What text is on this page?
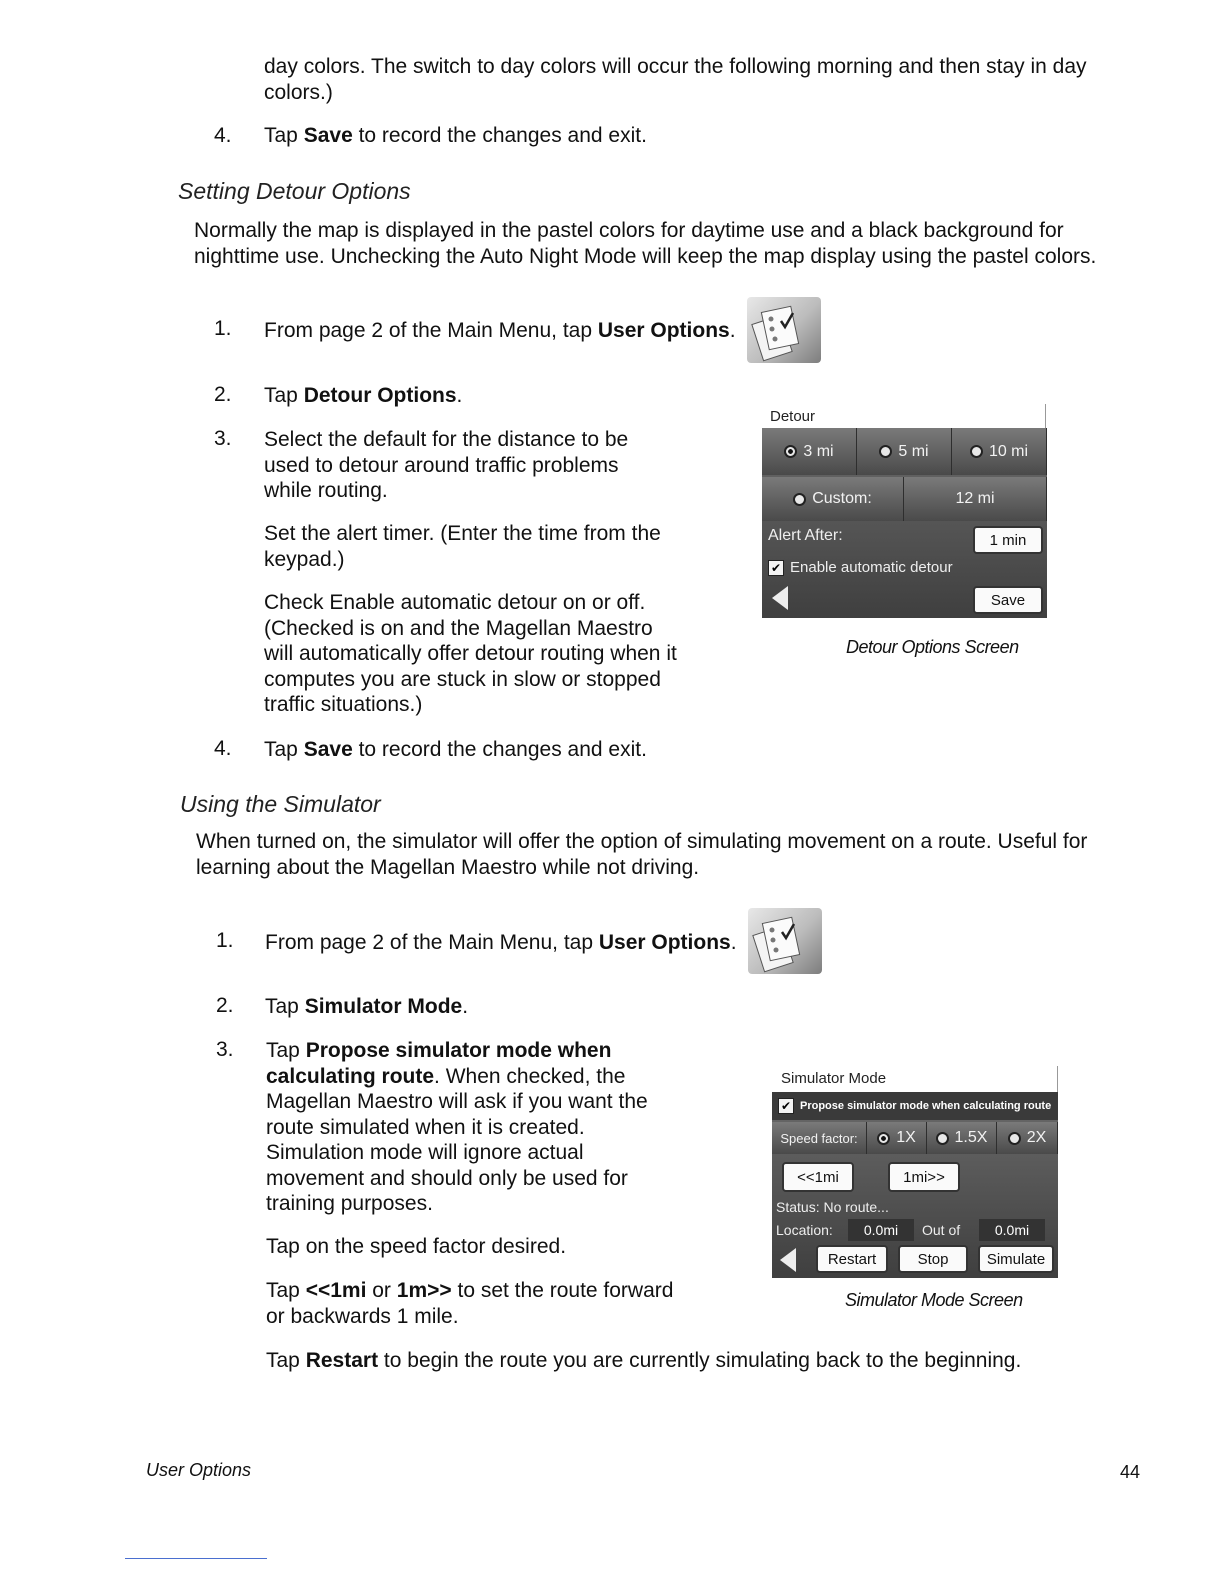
day colors. The switch to day colors will occur the following morning and then stay in day colors.)
4.	Tap Save to record the changes and exit.
Setting Detour Options
Normally the map is displayed in the pastel colors for daytime use and a black background for nighttime use. Unchecking the Auto Night Mode will keep the map display using the pastel colors.
1.	From page 2 of the Main Menu, tap User Options.
2.	Tap Detour Options.
3.	Select the default for the distance to be used to detour around traffic problems while routing.
Set the alert timer. (Enter the time from the keypad.)
Check Enable automatic detour on or off. (Checked is on and the Magellan Maestro will automatically offer detour routing when it computes you are stuck in slow or stopped traffic situations.)
4.	Tap Save to record the changes and exit.
Detour
3 mi	5 mi	10 mi
Custom:	12 mi
Alert After:	1 min
✔ Enable automatic detour
Save
Detour Options Screen
Using the Simulator
When turned on, the simulator will offer the option of simulating movement on a route. Useful for learning about the Magellan Maestro while not driving.
1.	From page 2 of the Main Menu, tap User Options.
2.	Tap Simulator Mode.
3.	Tap Propose simulator mode when calculating route. When checked, the Magellan Maestro will ask if you want the route simulated when it is created. Simulation mode will ignore actual movement and should only be used for training purposes.
Tap on the speed factor desired.
Tap <<1mi or 1m>> to set the route forward or backwards 1 mile.
Tap Restart to begin the route you are currently simulating back to the beginning.
Simulator Mode
✔ Propose simulator mode when calculating route
Speed factor:	1X 1.5X 2X
<<1mi	1mi>>
Status: No route...
Location:	0.0mi	Out of	0.0mi
Restart	Stop	Simulate
Simulator Mode Screen
User Options	44
